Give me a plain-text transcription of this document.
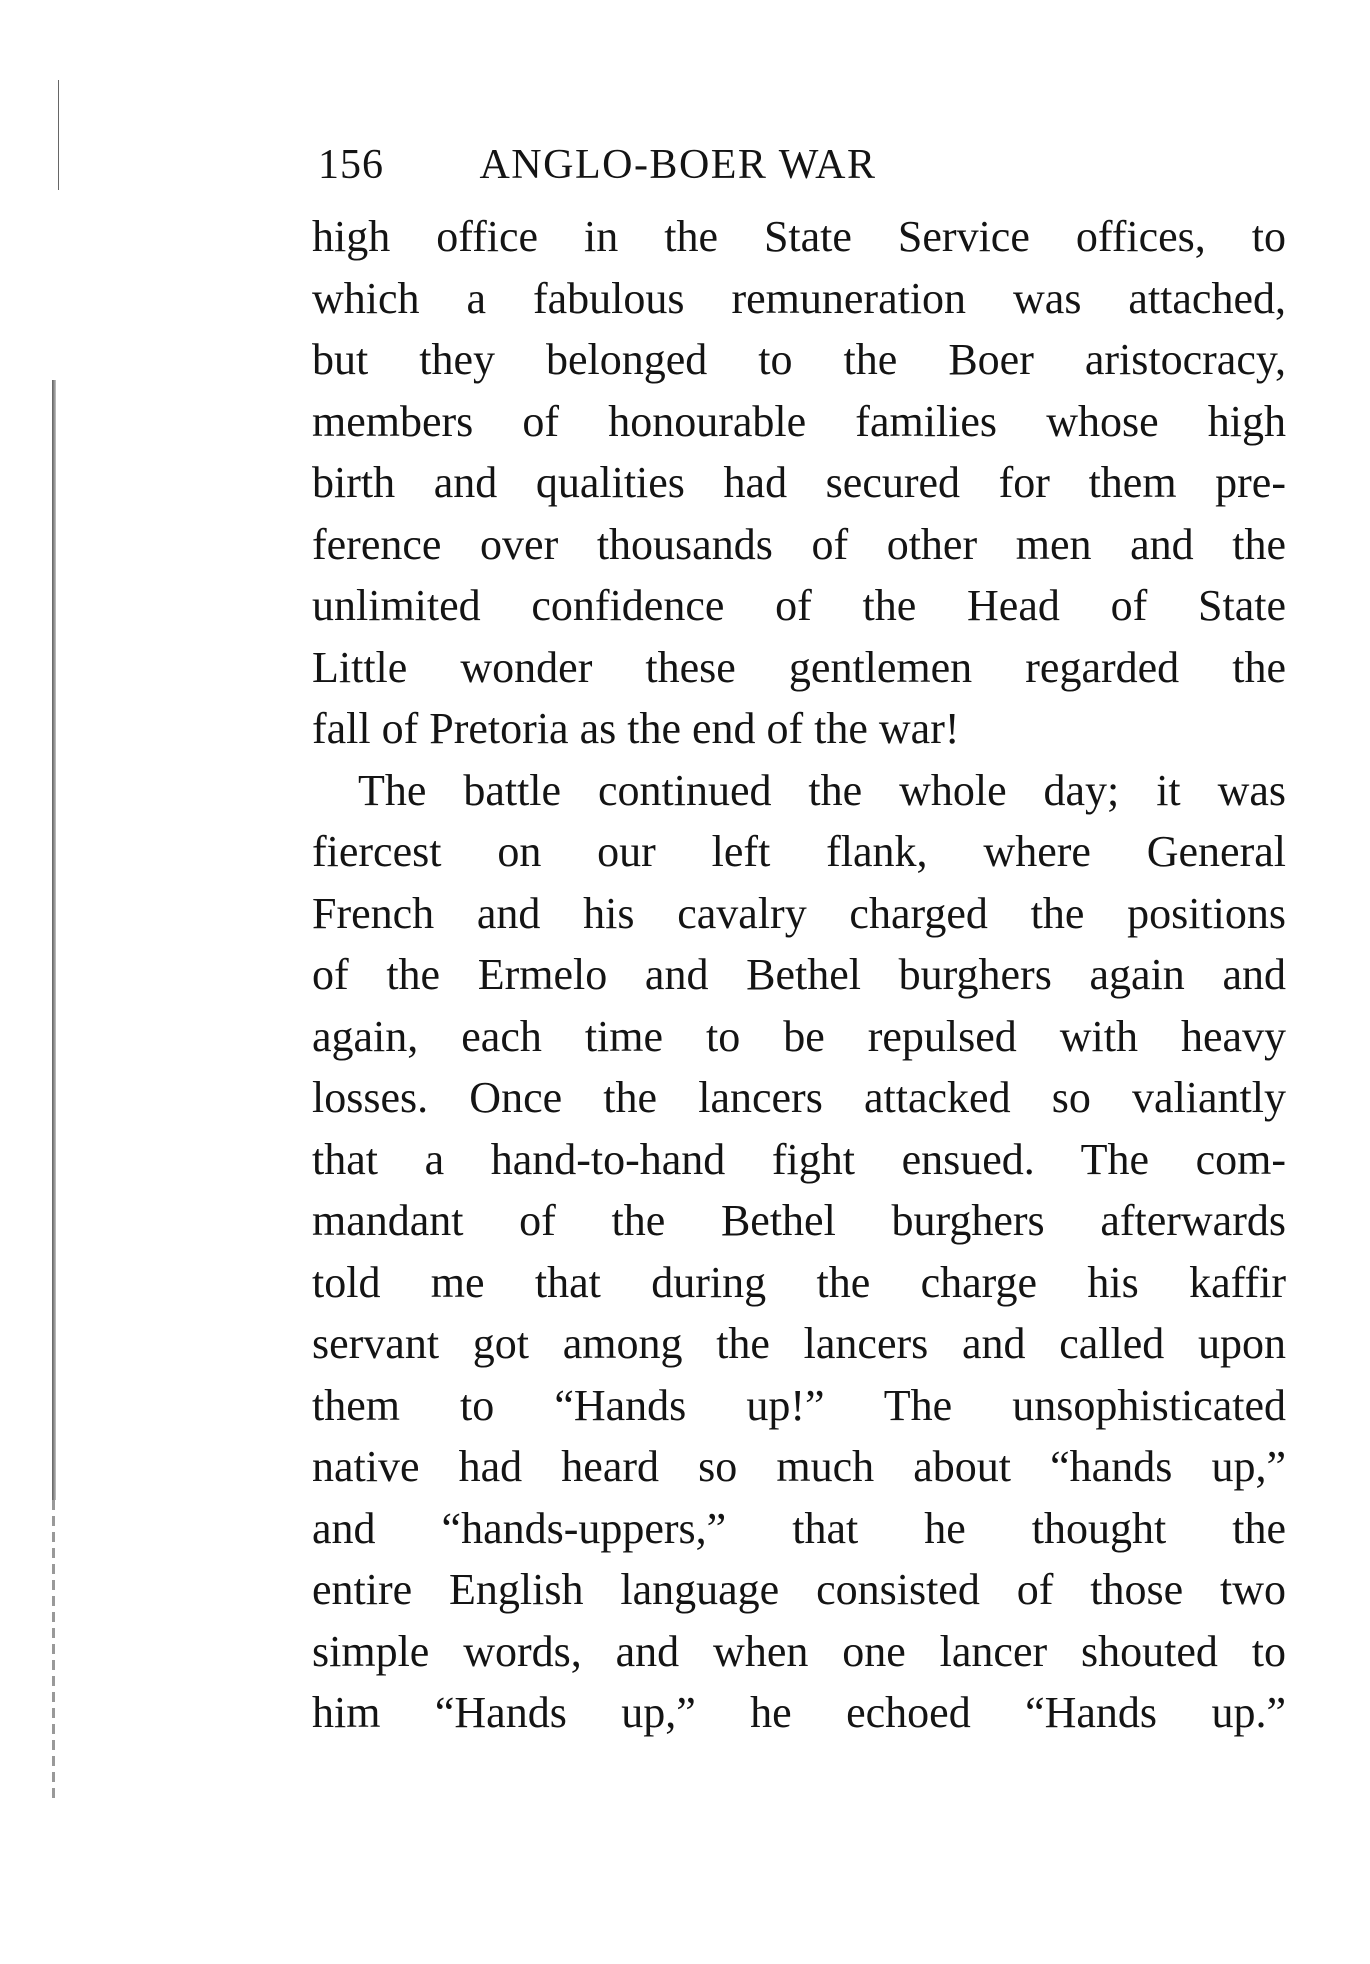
156	ANGLO-BOER WAR
high office in the State Service offices, to
which a fabulous remuneration was attached,
but they belonged to the Boer aristocracy,
members of honourable families whose high
birth and qualities had secured for them pre-
ference over thousands of other men and the
unlimited confidence of the Head of State
Little wonder these gentlemen regarded the
fall of Pretoria as the end of the war!
The battle continued the whole day; it was
fiercest on our left flank, where General
French and his cavalry charged the positions
of the Ermelo and Bethel burghers again and
again, each time to be repulsed with heavy
losses. Once the lancers attacked so valiantly
that a hand-to-hand fight ensued. The com-
mandant of the Bethel burghers afterwards
told me that during the charge his kaffir
servant got among the lancers and called upon
them to “Hands up!” The unsophisticated
native had heard so much about “hands up,”
and “hands-uppers,” that he thought the
entire English language consisted of those two
simple words, and when one lancer shouted to
him “Hands up,” he echoed “Hands up.”
